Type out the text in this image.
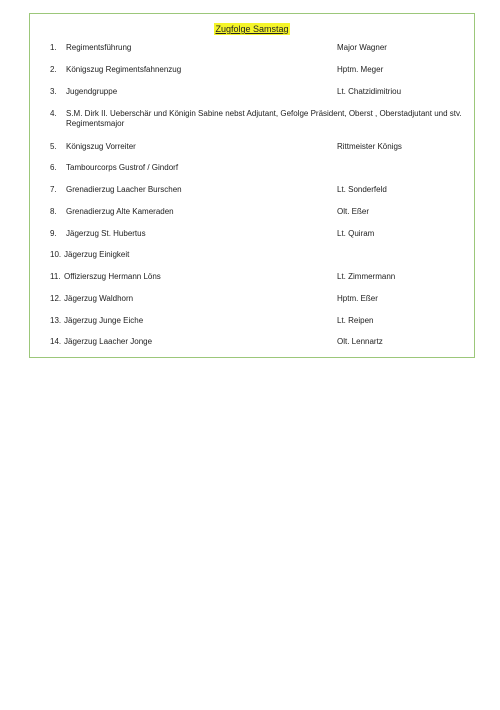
Zugfolge Samstag
1.	Regimentsführung	Major Wagner
2.	Königszug Regimentsfahnenzug	Hptm. Meger
3.	Jugendgruppe	Lt. Chatzidimitriou
4.	S.M. Dirk II. Ueberschär und Königin Sabine nebst Adjutant, Gefolge Präsident, Oberst , Oberstadjutant und stv. Regimentsmajor
5.	Königszug Vorreiter	Rittmeister Königs
6.	Tambourcorps Gustrof / Gindorf
7.	Grenadierzug Laacher Burschen	Lt. Sonderfeld
8.	Grenadierzug Alte Kameraden	Olt. Eßer
9.	Jägerzug St. Hubertus	Lt. Quiram
10. Jägerzug Einigkeit
11. Offizierszug Hermann Löns	Lt. Zimmermann
12. Jägerzug Waldhorn	Hptm. Eßer
13. Jägerzug Junge Eiche	Lt. Reipen
14. Jägerzug Laacher Jonge	Olt. Lennartz
